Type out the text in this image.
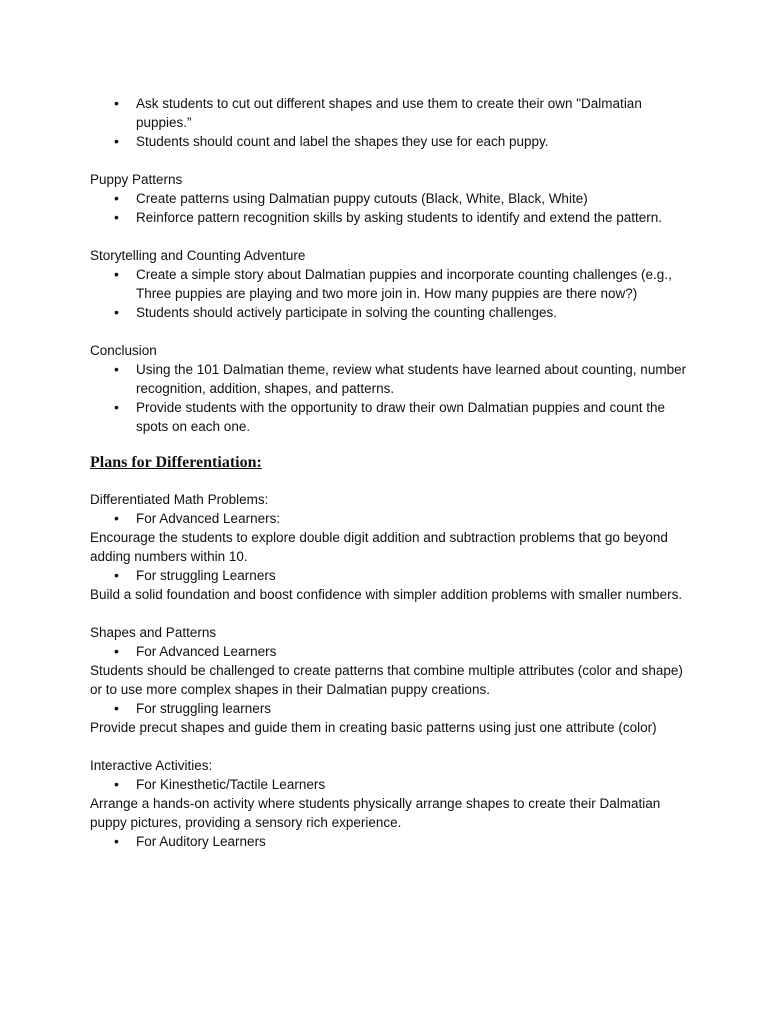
• Ask students to cut out different shapes and use them to create their own "Dalmatian puppies.”
• Students should count and label the shapes they use for each puppy.

Puppy Patterns

• Create patterns using Dalmatian puppy cutouts (Black, White, Black, White)
• Reinforce pattern recognition skills by asking students to identify and extend the pattern.

Storytelling and Counting Adventure

• Create a simple story about Dalmatian puppies and incorporate counting challenges (e.g., Three puppies are playing and two more join in. How many puppies are there now?)
• Students should actively participate in solving the counting challenges.

Conclusion

• Using the 101 Dalmatian theme, review what students have learned about counting, number recognition, addition, shapes, and patterns.
• Provide students with the opportunity to draw their own Dalmatian puppies and count the spots on each one.

Plans for Differentiation:

Differentiated Math Problems:

• For Advanced Learners:

Encourage the students to explore double digit addition and subtraction problems that go beyond adding numbers within 10.

• For struggling Learners

Build a solid foundation and boost confidence with simpler addition problems with smaller numbers.

Shapes and Patterns

• For Advanced Learners

Students should be challenged to create patterns that combine multiple attributes (color and shape) or to use more complex shapes in their Dalmatian puppy creations.

• For struggling learners

Provide precut shapes and guide them in creating basic patterns using just one attribute (color)

Interactive Activities:

• For Kinesthetic/Tactile Learners

Arrange a hands-on activity where students physically arrange shapes to create their Dalmatian puppy pictures, providing a sensory rich experience.

• For Auditory Learners
